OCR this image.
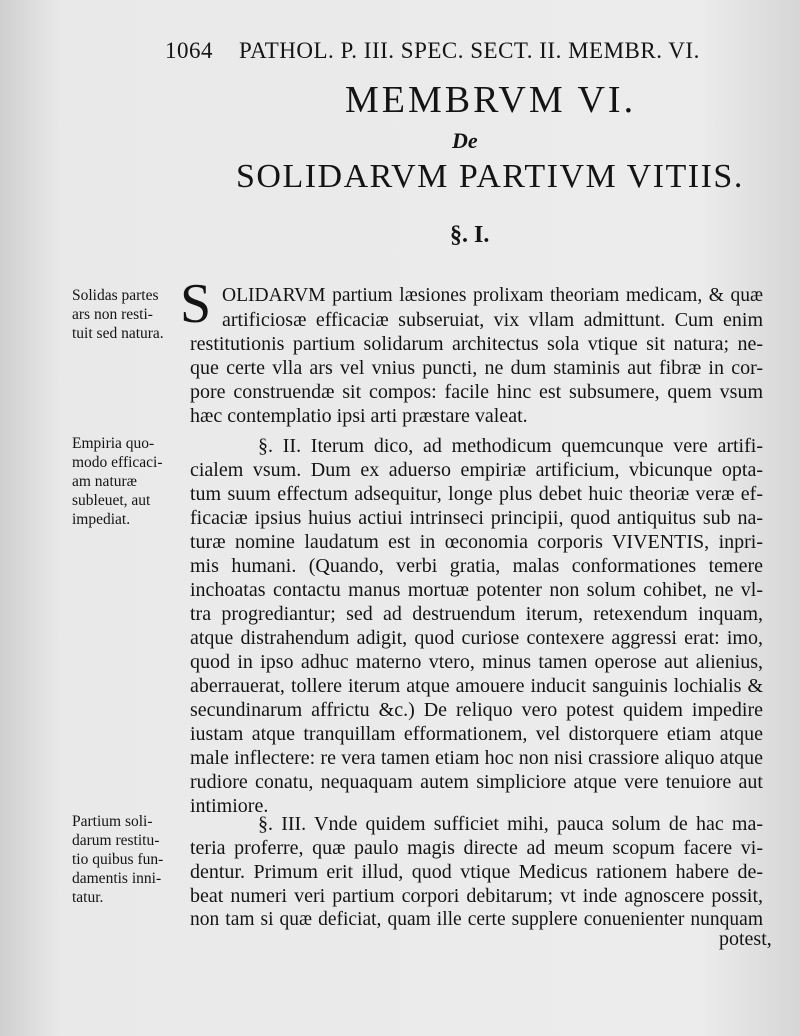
1064 PATHOL. P. III. SPEC. SECT. II. MEMBR. VI.
MEMBRVM VI.
De
SOLIDARVM PARTIVM VITIIS.
§. I.
Solidas partes
ars non resti-
tuit sed natura.
Empiria quo-
modo efficaci-
am naturæ
subleuet, aut
impediat.
Partium soli-
darum restitu-
tio quibus fun-
damentis inni-
tatur.
S OLIDARVM partium læsiones prolixam theoriam medicam, & quæ
artificiosæ efficaciæ subseruiat, vix vllam admittunt. Cum enim
restitutionis partium solidarum architectus sola vtique sit natura; ne-
que certe vlla ars vel vnius puncti, ne dum staminis aut fibræ in cor-
pore construendæ sit compos: facile hinc est subsumere, quem vsum
hæc contemplatio ipsi arti præstare valeat.
§. II. Iterum dico, ad methodicum quemcunque vere artifi-
cialem vsum. Dum ex aduerso empiriæ artificium, vbicunque opta-
tum suum effectum adsequitur, longe plus debet huic theoriæ veræ ef-
ficaciæ ipsius huius actiui intrinseci principii, quod antiquitus sub na-
turæ nomine laudatum est in œconomia corporis VIVENTIS, inpri-
mis humani. (Quando, verbi gratia, malas conformationes temere
inchoatas contactu manus mortuæ potenter non solum cohibet, ne vl-
tra progrediantur; sed ad destruendum iterum, retexendum inquam,
atque distrahendum adigit, quod curiose contexere aggressi erat: imo,
quod in ipso adhuc materno vtero, minus tamen operose aut alienius,
aberrauerat, tollere iterum atque amouere inducit sanguinis lochialis &
secundinarum affrictu &c.) De reliquo vero potest quidem impedire
iustam atque tranquillam efformationem, vel distorquere etiam atque
male inflectere: re vera tamen etiam hoc non nisi crassiore aliquo atque
rudiore conatu, nequaquam autem simpliciore atque vere tenuiore aut
intimiore.
§. III. Vnde quidem sufficiet mihi, pauca solum de hac ma-
teria proferre, quæ paulo magis directe ad meum scopum facere vi-
dentur. Primum erit illud, quod vtique Medicus rationem habere de-
beat numeri veri partium corpori debitarum; vt inde agnoscere possit,
non tam si quæ deficiat, quam ille certe supplere conuenienter nunquam
potest,
